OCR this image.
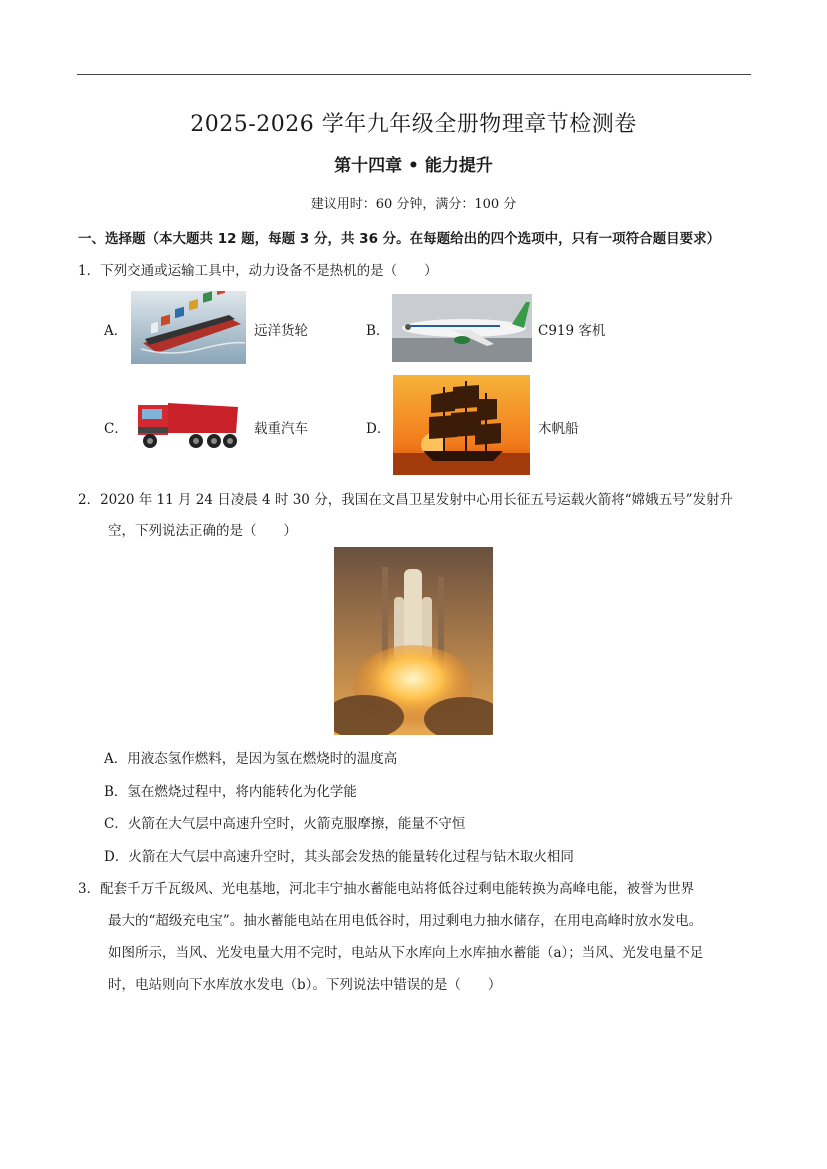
2025-2026 学年九年级全册物理章节检测卷
第十四章 • 能力提升
建议用时：60 分钟，满分：100 分
一、选择题（本大题共 12 题，每题 3 分，共 36 分。在每题给出的四个选项中，只有一项符合题目要求）
1．下列交通或运输工具中，动力设备不是热机的是（　　）
A．	远洋货轮	B．	C919 客机
C．	载重汽车	D．	木帆船
2．2020 年 11 月 24 日凌晨 4 时 30 分，我国在文昌卫星发射中心用长征五号运载火箭将“嫦娥五号”发射升
空，下列说法正确的是（　　）
A．用液态氢作燃料，是因为氢在燃烧时的温度高
B．氢在燃烧过程中，将内能转化为化学能
C．火箭在大气层中高速升空时，火箭克服摩擦，能量不守恒
D．火箭在大气层中高速升空时，其头部会发热的能量转化过程与钻木取火相同
3．配套千万千瓦级风、光电基地，河北丰宁抽水蓄能电站将低谷过剩电能转换为高峰电能，被誉为世界
最大的“超级充电宝”。抽水蓄能电站在用电低谷时，用过剩电力抽水储存，在用电高峰时放水发电。
如图所示，当风、光发电量大用不完时，电站从下水库向上水库抽水蓄能（a）；当风、光发电量不足
时，电站则向下水库放水发电（b）。下列说法中错误的是（　　）
